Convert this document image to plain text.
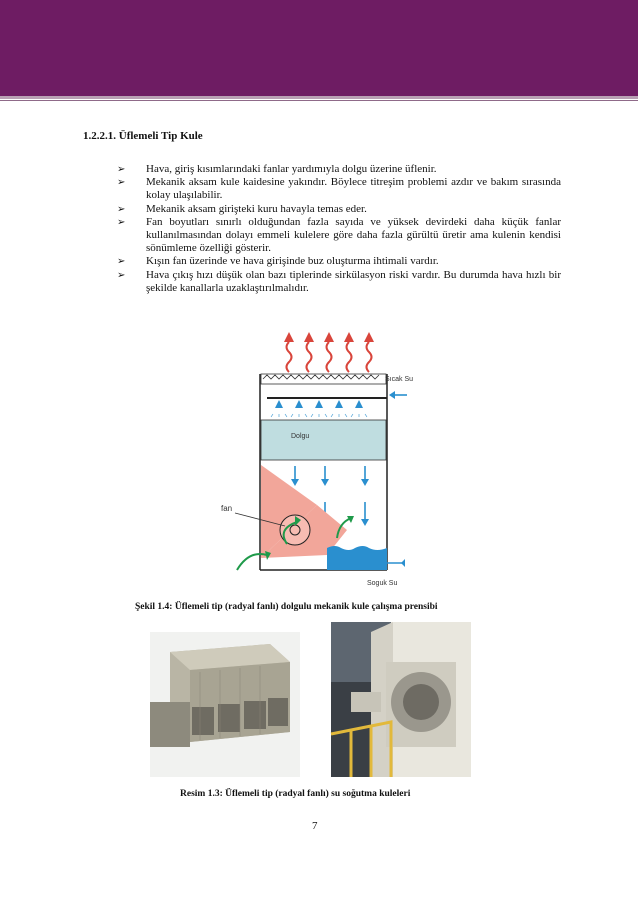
1.2.2.1. Üflemeli Tip Kule
➢ Hava, giriş kısımlarındaki fanlar yardımıyla dolgu üzerine üflenir.
➢ Mekanik aksam kule kaidesine yakındır. Böylece titreşim problemi azdır ve bakım sırasında kolay ulaşılabilir.
➢ Mekanik aksam girişteki kuru havayla temas eder.
➢ Fan boyutları sınırlı olduğundan fazla sayıda ve yüksek devirdeki daha küçük fanlar kullanılmasından dolayı emmeli kulelere göre daha fazla gürültü üretir ama kulenin kendisi sönümleme özelliği gösterir.
➢ Kışın fan üzerinde ve hava girişinde buz oluşturma ihtimali vardır.
➢ Hava çıkış hızı düşük olan bazı tiplerinde sirkülasyon riski vardır. Bu durumda hava hızlı bir şekilde kanallarla uzaklaştırılmalıdır.
Sıcak Su
Dolgu
fan
Soguk Su
Şekil 1.4: Üflemeli tip (radyal fanlı) dolgulu mekanik kule çalışma prensibi
Resim 1.3: Üflemeli tip (radyal fanlı) su soğutma kuleleri
7
